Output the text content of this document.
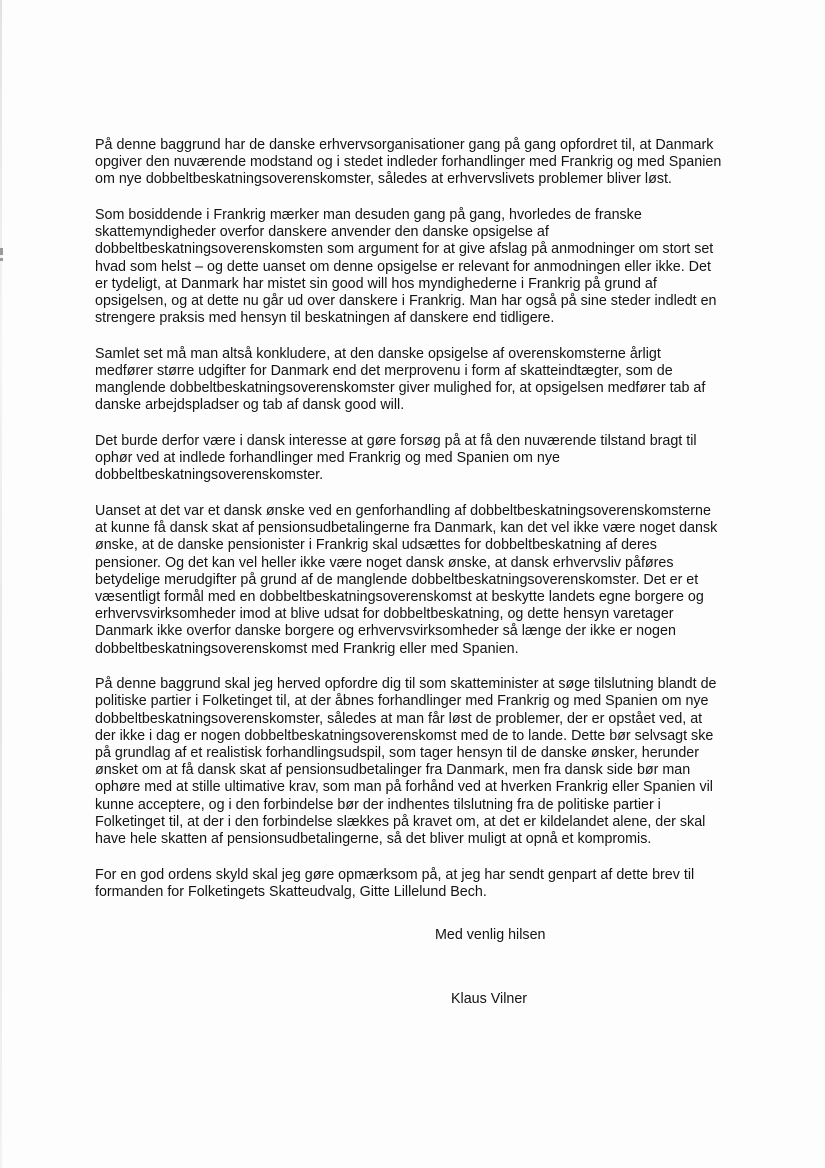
På denne baggrund har de danske erhvervsorganisationer gang på gang opfordret til, at Danmark
opgiver den nuværende modstand og i stedet indleder forhandlinger med Frankrig og med Spanien
om nye dobbeltbeskatningsoverenskomster, således at erhvervslivets problemer bliver løst.

Som bosiddende i Frankrig mærker man desuden gang på gang, hvorledes de franske
skattemyndigheder overfor danskere anvender den danske opsigelse af
dobbeltbeskatningsoverenskomsten som argument for at give afslag på anmodninger om stort set
hvad som helst – og dette uanset om denne opsigelse er relevant for anmodningen eller ikke. Det
er tydeligt, at Danmark har mistet sin good will hos myndighederne i Frankrig på grund af
opsigelsen, og at dette nu går ud over danskere i Frankrig. Man har også på sine steder indledt en
strengere praksis med hensyn til beskatningen af danskere end tidligere.

Samlet set må man altså konkludere, at den danske opsigelse af overenskomsterne årligt
medfører større udgifter for Danmark end det merprovenu i form af skatteindtægter, som de
manglende dobbeltbeskatningsoverenskomster giver mulighed for, at opsigelsen medfører tab af
danske arbejdspladser og tab af dansk good will.

Det burde derfor være i dansk interesse at gøre forsøg på at få den nuværende tilstand bragt til
ophør ved at indlede forhandlinger med Frankrig og med Spanien om nye
dobbeltbeskatningsoverenskomster.

Uanset at det var et dansk ønske ved en genforhandling af dobbeltbeskatningsoverenskomsterne
at kunne få dansk skat af pensionsudbetalingerne fra Danmark, kan det vel ikke være noget dansk
ønske, at de danske pensionister i Frankrig skal udsættes for dobbeltbeskatning af deres
pensioner. Og det kan vel heller ikke være noget dansk ønske, at dansk erhvervsliv påføres
betydelige merudgifter på grund af de manglende dobbeltbeskatningsoverenskomster. Det er et
væsentligt formål med en dobbeltbeskatningsoverenskomst at beskytte landets egne borgere og
erhvervsvirksomheder imod at blive udsat for dobbeltbeskatning, og dette hensyn varetager
Danmark ikke overfor danske borgere og erhvervsvirksomheder så længe der ikke er nogen
dobbeltbeskatningsoverenskomst med Frankrig eller med Spanien.

På denne baggrund skal jeg herved opfordre dig til som skatteminister at søge tilslutning blandt de
politiske partier i Folketinget til, at der åbnes forhandlinger med Frankrig og med Spanien om nye
dobbeltbeskatningsoverenskomster, således at man får løst de problemer, der er opstået ved, at
der ikke i dag er nogen dobbeltbeskatningsoverenskomst med de to lande. Dette bør selvsagt ske
på grundlag af et realistisk forhandlingsudspil, som tager hensyn til de danske ønsker, herunder
ønsket om at få dansk skat af pensionsudbetalinger fra Danmark, men fra dansk side bør man
ophøre med at stille ultimative krav, som man på forhånd ved at hverken Frankrig eller Spanien vil
kunne acceptere, og i den forbindelse bør der indhentes tilslutning fra de politiske partier i
Folketinget til, at der i den forbindelse slækkes på kravet om, at det er kildelandet alene, der skal
have hele skatten af pensionsudbetalingerne, så det bliver muligt at opnå et kompromis.

For en god ordens skyld skal jeg gøre opmærksom på, at jeg har sendt genpart af dette brev til
formanden for Folketingets Skatteudvalg, Gitte Lillelund Bech.

Med venlig hilsen
Klaus Vilner
